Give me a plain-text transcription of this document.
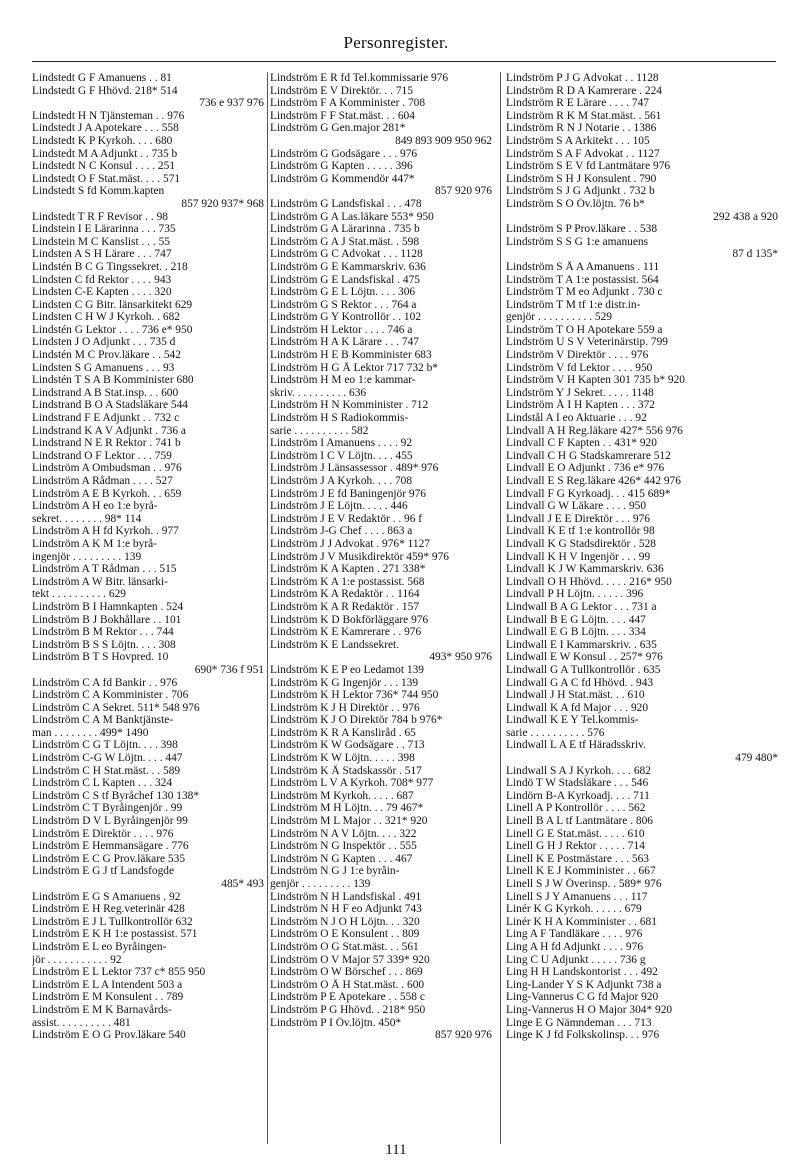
Personregister.
Lindstedt G F Amanuens . . 81
Lindstedt G F Hhövd. 218* 514
736 e 937 976
Lindstedt H N Tjänsteman . . 976
Lindstedt J A Apotekare . . . 558
Lindstedt K P Kyrkoh. . . . 680
Lindstedt M A Adjunkt . . 735 b
Lindstedt N C Konsul . . . . 251
Lindstedt O F Stat.mäst. . . . 571
Lindstedt S fd Komm.kapten
857 920 937* 968
Lindstedt T R F Revisor . . 98
Lindstein I E Lärarinna . . . 735
Lindstein M C Kanslist . . . 55
Lindsten A S H Lärare . . . 747
Lindstén B C G Tingssekret. . 218
Lindsten C fd Rektor . . . . 943
Lindsten C-E Kapten . . . . 320
Lindsten C G Bitr. länsarkitekt 629
Lindsten C H W J Kyrkoh. . 682
Lindstén G Lektor . . . . 736 e* 950
Lindsten J O Adjunkt . . . 735 d
Lindstén M C Prov.läkare . . 542
Lindsten S G Amanuens . . . 93
Lindstén T S A B Komminister 680
Lindstrand A B Stat.insp. . . 600
Lindstrand B O A Stadsläkare 544
Lindstrand F E Adjunkt . . 732 c
Lindstrand K A V Adjunkt . 736 a
Lindstrand N E R Rektor . 741 b
Lindstrand O F Lektor . . . 759
Lindström A Ombudsman . . 976
Lindström A Rådman . . . . 527
Lindström A E B Kyrkoh. . . 659
Lindström A H eo 1:e byrå-
sekret. . . . . . . . 98* 114
Lindström A H fd Kyrkoh. . 977
Lindström A K M 1:e byrå-
ingenjör . . . . . . . . . 139
Lindström A T Rådman . . . 515
Lindström A W Bitr. länsarki-
tekt . . . . . . . . . . 629
Lindström B I Hamnkapten . 524
Lindström B J Bokhållare . . 101
Lindström B M Rektor . . . 744
Lindström B S S Löjtn. . . . 308
Lindström B T S Hovpred. 10
690* 736 f 951
Lindström C A fd Bankir . . 976
Lindström C A Komminister . 706
Lindström C A Sekret. 511* 548 976
Lindström C A M Banktjänste-
man . . . . . . . . 499* 1490
Lindström C G T Löjtn. . . . 398
Lindström C-G W Löjtn. . . . 447
Lindström C H Stat.mäst. . . 589
Lindström C L Kapten . . . 324
Lindström C S tf Byråchef 130 138*
Lindström C T Byråingenjör . 99
Lindström D V L Byråingenjör 99
Lindström E Direktör . . . . 976
Lindström E Hemmansägare . 776
Lindström E C G Prov.läkare 535
Lindström E G J tf Landsfogde
485* 493
Lindström E G S Amanuens . 92
Lindström E H Reg.veterinär 428
Lindström E J L Tullkontrollör 632
Lindström E K H 1:e postassist. 571
Lindström E L eo Byråingen-
jör . . . . . . . . . . . 92
Lindström E L Lektor 737 c* 855 950
Lindström E L A Intendent 503 a
Lindström E M Konsulent . . 789
Lindström E M K Barnavårds-
assist. . . . . . . . . . 481
Lindström E O G Prov.läkare 540
Lindström E R fd Tel.kommissarie 976
Lindström E V Direktör. . . 715
Lindström F A Komminister . 708
Lindström F F Stat.mäst. . . 604
Lindström G Gen.major 281*
849 893 909 950 962
Lindström G Godsägare . . . 976
Lindström G Kapten . . . . . 396
Lindström G Kommendör 447*
857 920 976
Lindström G Landsfiskal . . . 478
Lindström G A Las.läkare 553* 950
Lindström G A Lärarinna . 735 b
Lindström G A J Stat.mäst. . 598
Lindström G C Advokat . . . 1128
Lindström G E Kammarskriv. 636
Lindström G E Landsfiskal . 475
Lindström G E L Löjtn. . . . 306
Lindström G S Rektor . . . 764 a
Lindström G Y Kontrollör . . 102
Lindström H Lektor . . . . 746 a
Lindström H A K Lärare . . . 747
Lindström H E B Komminister 683
Lindström H G Å Lektor 717 732 b*
Lindström H M eo 1:e kammar-
skriv. . . . . . . . . . 636
Lindström H N Komminister . 712
Lindström H S Radiokommis-
sarie . . . . . . . . . . 582
Lindström I Amanuens . . . . 92
Lindström I C V Löjtn. . . . 455
Lindström J Länsassessor . 489* 976
Lindström J A Kyrkoh. . . . 708
Lindström J E fd Baningenjör 976
Lindström J E Löjtn. . . . . 446
Lindström J E V Redaktör . . 96 f
Lindström J-G Chef . . . . 863 a
Lindström J J Advokat . 976* 1127
Lindström J V Musikdirektör 459* 976
Lindström K A Kapten . 271 338*
Lindström K A 1:e postassist. 568
Lindström K A Redaktör . . 1164
Lindström K A R Redaktör . 157
Lindström K D Bokförläggare 976
Lindström K E Kamrerare . . 976
Lindström K E Landssekret.
493* 950 976
Lindström K E P eo Ledamot 139
Lindström K G Ingenjör . . . 139
Lindström K H Lektor 736* 744 950
Lindström K J H Direktör . . 976
Lindström K J O Direktör 784 b 976*
Lindström K R A Kansliråd . 65
Lindström K W Godsägare . . 713
Lindström K W Löjtn. . . . . 398
Lindström K Å Stadskassör . 517
Lindström L V A Kyrkoh. 708* 977
Lindström M Kyrkoh. . . . . 687
Lindström M H Löjtn. . . 79 467*
Lindström M L Major . . 321* 920
Lindström N A V Löjtn. . . . 322
Lindström N G Inspektör . . 555
Lindström N G Kapten . . . 467
Lindström N G J 1:e byråin-
genjör . . . . . . . . . 139
Lindström N H Landsfiskal . 491
Lindström N H F eo Adjunkt 743
Lindström N J O H Löjtn. . . 320
Lindström O E Konsulent . . 809
Lindström O G Stat.mäst. . . 561
Lindström O V Major 57 339* 920
Lindström O W Börschef . . . 869
Lindström O Å H Stat.mäst. . 600
Lindström P E Apotekare . . 558 c
Lindström P G Hhövd. . 218* 950
Lindström P I Öv.löjtn. 450*
857 920 976
Lindström P J G Advokat . . 1128
Lindström R D A Kamrerare . 224
Lindström R E Lärare . . . . 747
Lindström R K M Stat.mäst. . 561
Lindström R N J Notarie . . 1386
Lindström S A Arkitekt . . . 105
Lindström S A F Advokat . . 1127
Lindström S E V fd Lantmätare 976
Lindström S H J Konsulent . 790
Lindström S J G Adjunkt . 732 b
Lindström S O Öv.löjtn. 76 b*
292 438 a 920
Lindström S P Prov.läkare . . 538
Lindström S S G 1:e amanuens
87 d 135*
Lindström S Å A Amanuens . 111
Lindström T A 1:e postassist. 564
Lindström T M eo Adjunkt . 730 c
Lindström T M tf 1:e distr.in-
genjör . . . . . . . . . . 529
Lindström T O H Apotekare 559 a
Lindström U S V Veterinärstip. 799
Lindström V Direktör . . . . 976
Lindström V fd Lektor . . . . 950
Lindström V H Kapten 301 735 b* 920
Lindström Y J Sekret. . . . . 1148
Lindström Å I H Kapten . . . 372
Lindstål A I eo Aktuarie . . . 92
Lindvall A H Reg.läkare 427* 556 976
Lindvall C F Kapten . . 431* 920
Lindvall C H G Stadskamrerare 512
Lindvall E O Adjunkt . 736 e* 976
Lindvall E S Reg.läkare 426* 442 976
Lindvall F G Kyrkoadj. . . 415 689*
Lindvall G W Läkare . . . . 950
Lindvall J E E Direktör . . . 976
Lindvall K E tf 1:e kontrollör 98
Lindvall K G Stadsdirektör . 528
Lindvall K H V Ingenjör . . . 99
Lindvall K J W Kammarskriv. 636
Lindvall O H Hhövd. . . . . 216* 950
Lindvall P H Löjtn. . . . . . 396
Lindwall B A G Lektor . . . 731 a
Lindwall B E G Löjtn. . . . 447
Lindwall E G B Löjtn. . . . 334
Lindwall E I Kammarskriv. . 635
Lindwall E W Konsul . . 257* 976
Lindwall G A Tullkontrollör . 635
Lindwall G A C fd Hhövd. . 943
Lindwall J H Stat.mäst. . . 610
Lindwall K A fd Major . . . 920
Lindwall K E Y Tel.kommis-
sarie . . . . . . . . . . 576
Lindwall L A E tf Häradsskriv.
479 480*
Lindwall S A J Kyrkoh. . . . 682
Lindö T W Stadsläkare . . . 546
Lindörn B-A Kyrkoadj. . . . 711
Linell A P Kontrollör . . . . 562
Linell B A L tf Lantmätare . 806
Linell G E Stat.mäst. . . . . 610
Linell G H J Rektor . . . . . 714
Linell K E Postmästare . . . 563
Linell K E J Komminister . . 667
Linell S J W Överinsp. . 589* 976
Linell S J Y Amanuens . . . 117
Linér K G Kyrkoh. . . . . . 679
Linér K H A Komminister . . 681
Ling A F Tandläkare . . . . 976
Ling A H fd Adjunkt . . . . 976
Ling C U Adjunkt . . . . . 736 g
Ling H H Landskontorist . . . 492
Ling-Lander Y S K Adjunkt 738 a
Ling-Vannerus C G fd Major 920
Ling-Vannerus H O Major 304* 920
Linge E G Nämndeman . . . 713
Linge K J fd Folkskolinsp. . . 976
111
